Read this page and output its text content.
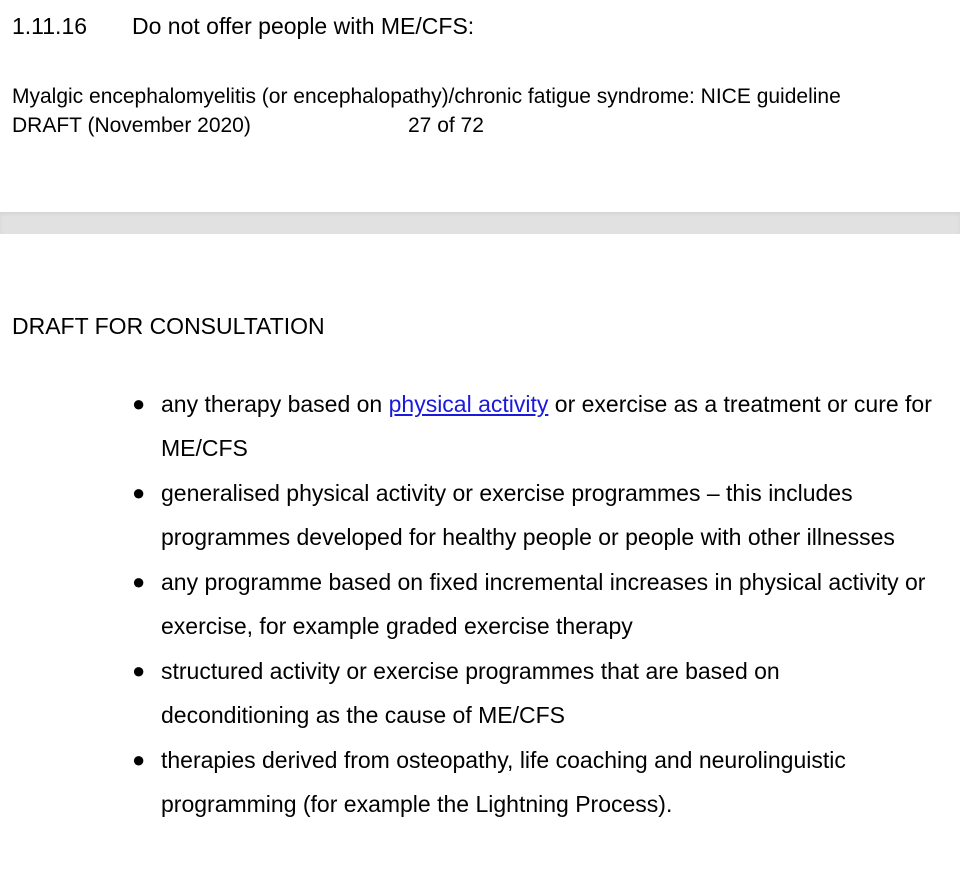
1.11.16 Do not offer people with ME/CFS:
Myalgic encephalomyelitis (or encephalopathy)/chronic fatigue syndrome: NICE guideline
DRAFT (November 2020)	27 of 72
DRAFT FOR CONSULTATION
● any therapy based on physical activity or exercise as a treatment or cure for ME/CFS
● generalised physical activity or exercise programmes – this includes programmes developed for healthy people or people with other illnesses
● any programme based on fixed incremental increases in physical activity or exercise, for example graded exercise therapy
● structured activity or exercise programmes that are based on deconditioning as the cause of ME/CFS
● therapies derived from osteopathy, life coaching and neurolinguistic programming (for example the Lightning Process).
